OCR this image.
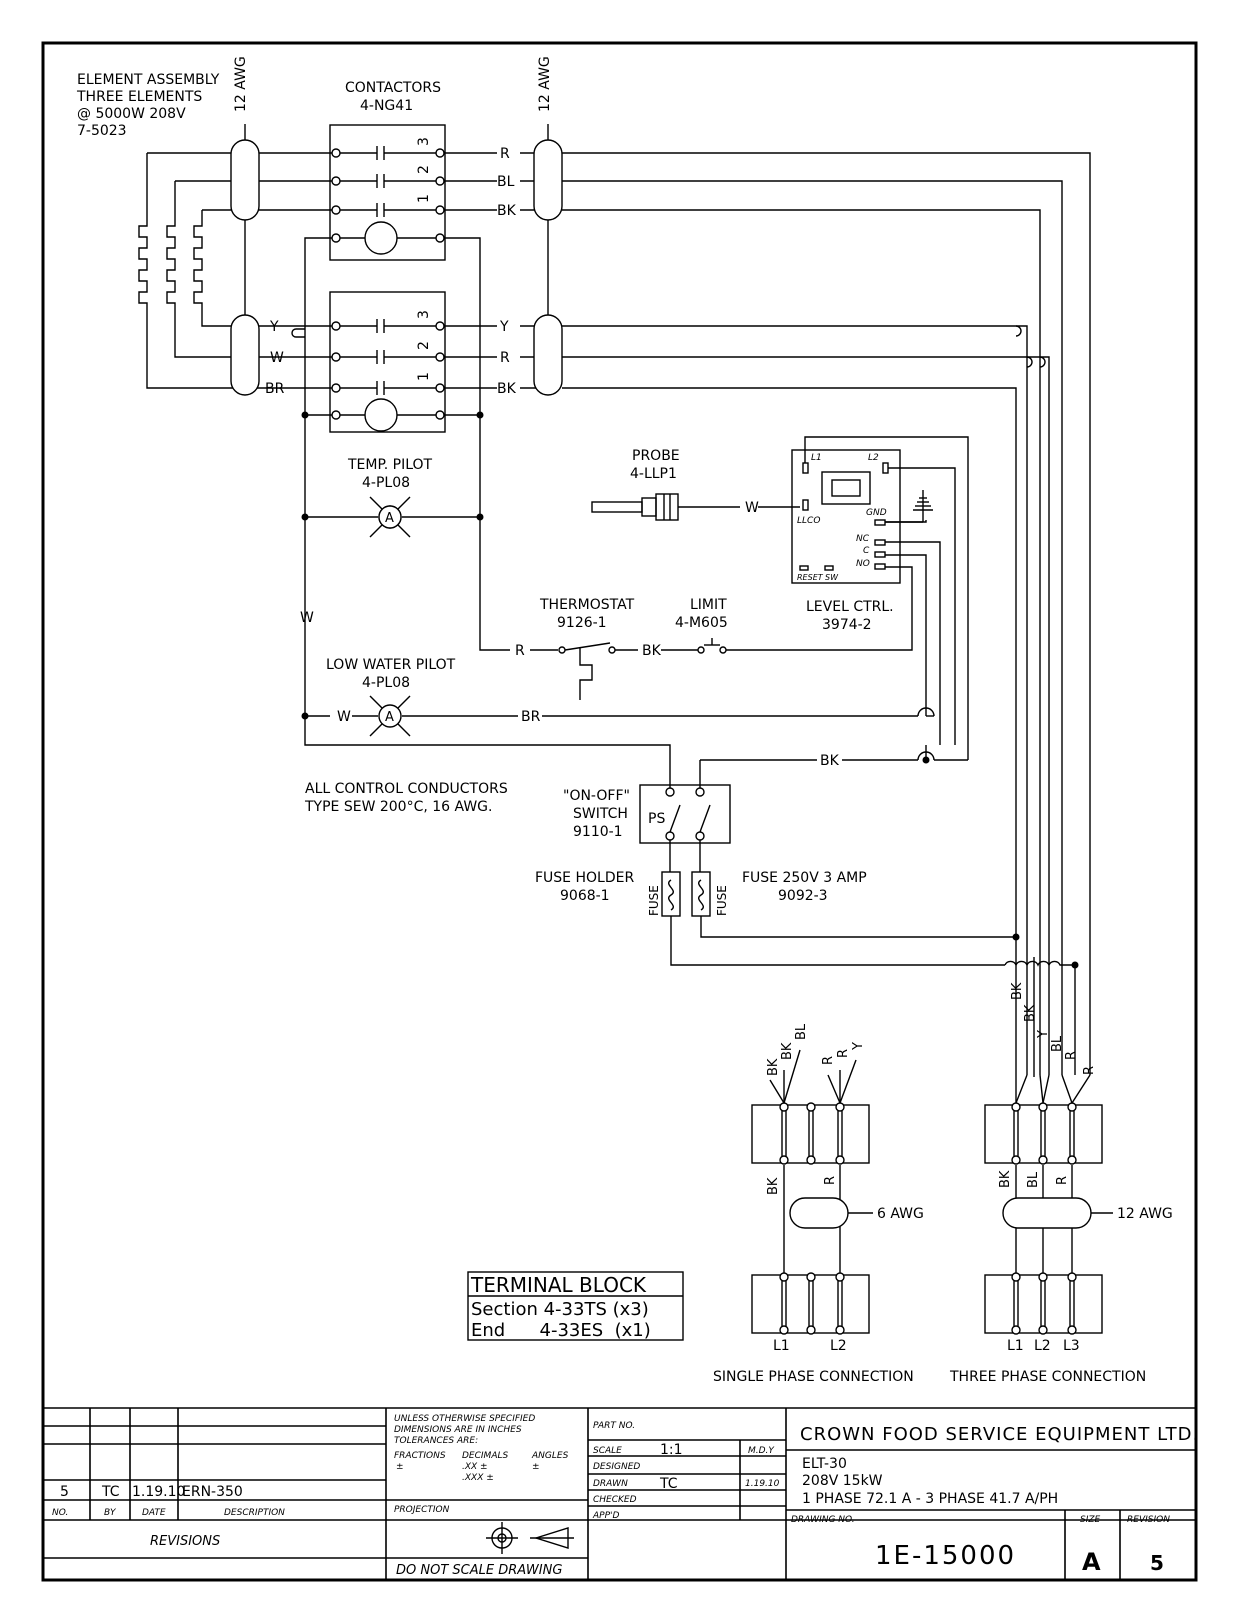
ELEMENT ASSEMBLY
THREE ELEMENTS
@ 5000W 208V
7-5023
12 AWG	12 AWG
CONTACTORS
4-NG41
3
2
1
3
2
1
Y
W
BR
R
BL
BK
Y
R
BK
TEMP. PILOT
4-PL08
A
W
PROBE
4-LLP1
W
L1	L2
GND
LLCO
NC
C
NO
RESET SW
LEVEL CTRL.
3974-2
THERMOSTAT
9126-1
LIMIT
4-M605
R	BK
LOW WATER PILOT
4-PL08
A
W	BR
BK
ALL CONTROL CONDUCTORS
TYPE SEW 200°C, 16 AWG.
"ON-OFF"
SWITCH
9110-1
PS
FUSE HOLDER
9068-1
FUSE 250V 3 AMP
9092-3
FUSE	FUSE
TERMINAL BLOCK
Section 4-33TS (x3)
End      4-33ES  (x1)
BK
BK
BL
R
R
Y
BK	R
6 AWG
L1	L2
SINGLE PHASE CONNECTION
BK
BK
Y
BL
R
R
BK BL R
12 AWG
L1 L2 L3
THREE PHASE CONNECTION
5 TC 1.19.10
ERN-350
NO.	BY	DATE	DESCRIPTION
REVISIONS
UNLESS OTHERWISE SPECIFIED
DIMENSIONS ARE IN INCHES
TOLERANCES ARE:
FRACTIONS DECIMALS	ANGLES
±	.XX ±	±
.XXX ±
PROJECTION
DO NOT SCALE DRAWING
PART NO.
SCALE	1:1	M.D.Y
DESIGNED
DRAWN TC	1.19.10
CHECKED
APP'D
CROWN FOOD SERVICE EQUIPMENT LTD.
ELT-30
208V 15kW
1 PHASE 72.1 A - 3 PHASE 41.7 A/PH
DRAWING NO.
1E-15000
SIZE
A
REVISION
5
